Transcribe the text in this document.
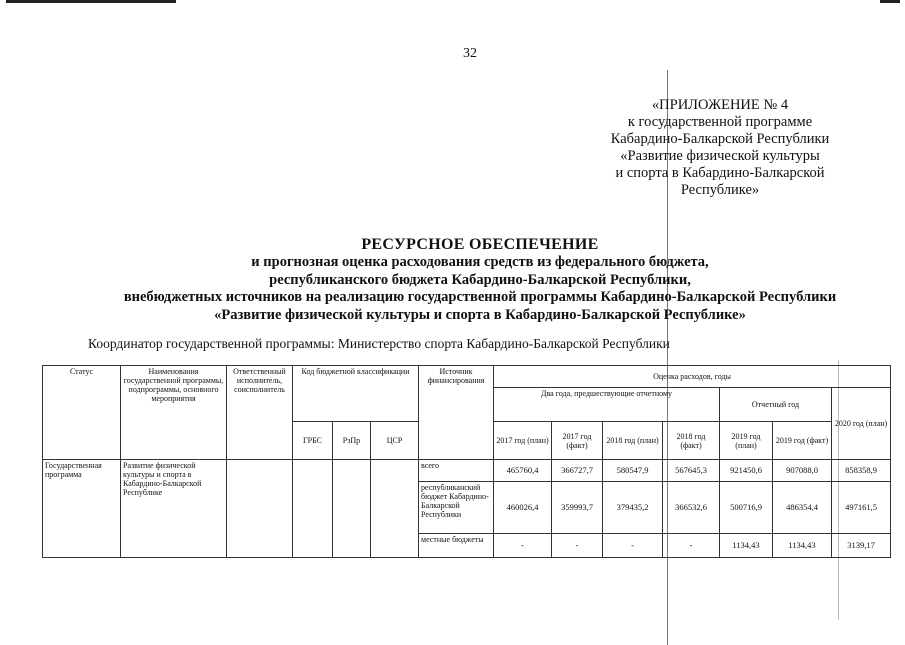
32
«ПРИЛОЖЕНИЕ № 4
к государственной программе
Кабардино-Балкарской Республики
«Развитие физической культуры
и спорта в Кабардино-Балкарской
Республике»
РЕСУРСНОЕ ОБЕСПЕЧЕНИЕ
и прогнозная оценка расходования средств из федерального бюджета,
республиканского бюджета Кабардино-Балкарской Республики,
внебюджетных источников на реализацию государственной программы Кабардино-Балкарской Республики
«Развитие физической культуры и спорта в Кабардино-Балкарской Республике»
Координатор государственной программы: Министерство спорта Кабардино-Балкарской Республики
Статус	Наименования государственной программы, подпрограммы, основного мероприятия	Ответственный исполнитель, соисполнитель	Код бюджетной классификации			Источник финансирования	Оценка расходов, годы						
							Два года, предшествующие отчетному				Отчетный год		2020 год (план)
			ГРБС	РзПр	ЦСР		2017 год (план)	2017 год (факт)	2018 год (план)	2018 год (факт)	2019 год (план)	2019 год (факт)	
Государственная программа	Развитие физической культуры и спорта в Кабардино-Балкарской Республике					всего	465760,4	366727,7	580547,9	567645,3	921450,6	907088,0	858358,9
						республиканский бюджет Кабардино-Балкарской Республики	460026,4	359993,7	379435,2	366532,6	500716,9	486354,4	497161,5
						местные бюджеты	-	-	-	-	1134,43	1134,43	3139,17
